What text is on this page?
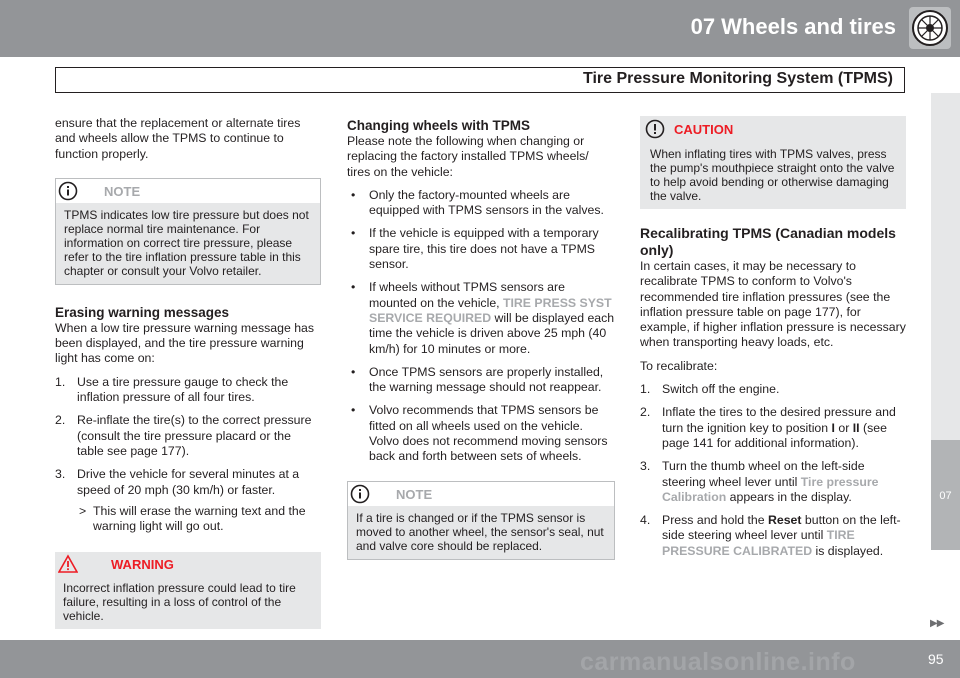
07 Wheels and tires
Tire Pressure Monitoring System (TPMS)
07

ensure that the replacement or alternate tires and wheels allow the TPMS to continue to function properly.

NOTE
TPMS indicates low tire pressure but does not replace normal tire maintenance. For information on correct tire pressure, please refer to the tire inflation pressure table in this chapter or consult your Volvo retailer.
Erasing warning messages

When a low tire pressure warning message has been displayed, and the tire pressure warning light has come on:

1. Use a tire pressure gauge to check the inflation pressure of all four tires.
2. Re-inflate the tire(s) to the correct pressure (consult the tire pressure placard or the table see page 177).
3. Drive the vehicle for several minutes at a speed of 20 mph (30 km/h) or faster.
> This will erase the warning text and the warning light will go out.
WARNING
Incorrect inflation pressure could lead to tire failure, resulting in a loss of control of the vehicle.
Changing wheels with TPMS

Please note the following when changing or replacing the factory installed TPMS wheels/ tires on the vehicle:

• Only the factory-mounted wheels are equipped with TPMS sensors in the valves.
• If the vehicle is equipped with a temporary spare tire, this tire does not have a TPMS sensor.
• If wheels without TPMS sensors are mounted on the vehicle, TIRE PRESS SYST SERVICE REQUIRED will be displayed each time the vehicle is driven above 25 mph (40 km/h) for 10 minutes or more.
• Once TPMS sensors are properly installed, the warning message should not reappear.
• Volvo recommends that TPMS sensors be fitted on all wheels used on the vehicle. Volvo does not recommend moving sensors back and forth between sets of wheels.
NOTE
If a tire is changed or if the TPMS sensor is moved to another wheel, the sensor's seal, nut and valve core should be replaced.
CAUTION
When inflating tires with TPMS valves, press the pump's mouthpiece straight onto the valve to help avoid bending or otherwise damaging the valve.
Recalibrating TPMS (Canadian models only)

In certain cases, it may be necessary to recalibrate TPMS to conform to Volvo's recommended tire inflation pressures (see the inflation pressure table on page 177), for example, if higher inflation pressure is necessary when transporting heavy loads, etc.

To recalibrate:

1. Switch off the engine.
2. Inflate the tires to the desired pressure and turn the ignition key to position I or II (see page 141 for additional information).
3. Turn the thumb wheel on the left-side steering wheel lever until Tire pressure Calibration appears in the display.
4. Press and hold the Reset button on the left-side steering wheel lever until TIRE PRESSURE CALIBRATED is displayed.
▶▶
carmanualsonline.info	95
